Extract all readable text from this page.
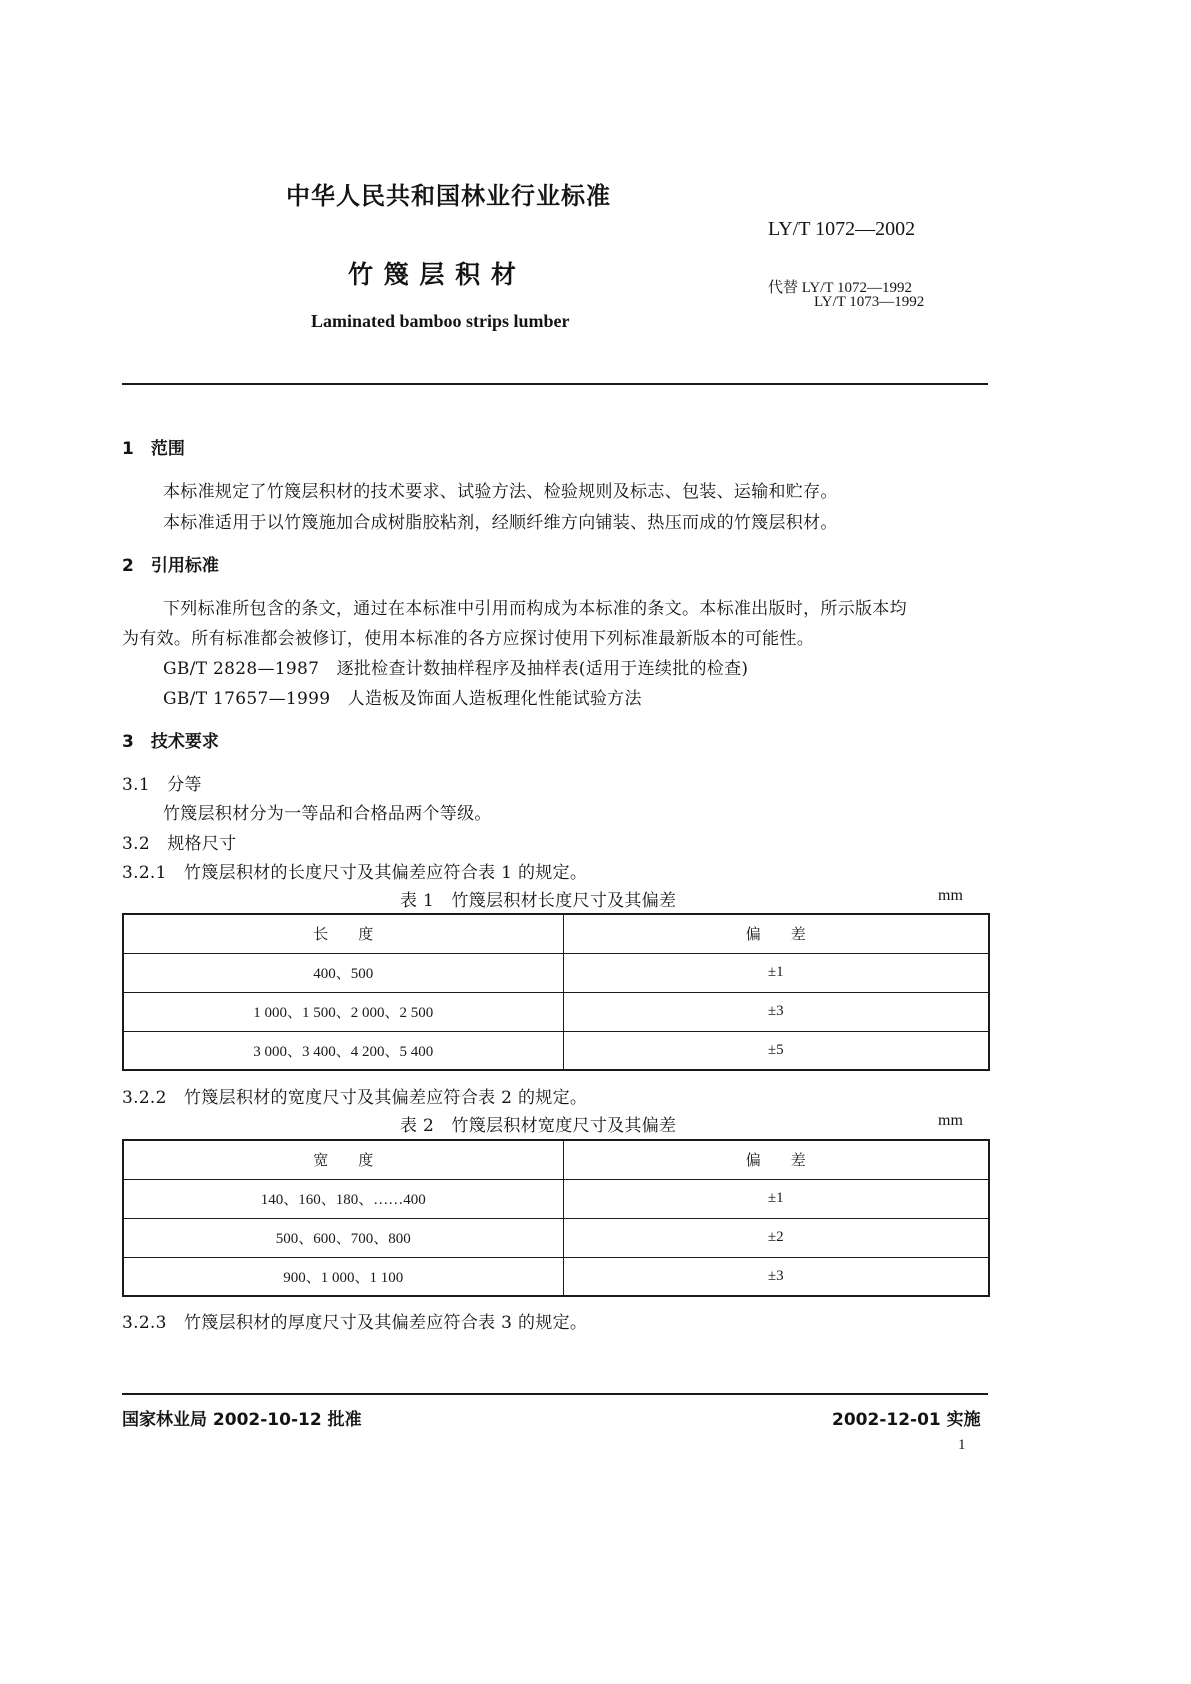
中华人民共和国林业行业标准
LY/T 1072—2002
竹 篾 层 积 材	代替 LY/T 1072—1992
LY/T 1073—1992
Laminated bamboo strips lumber
1　范围
本标准规定了竹篾层积材的技术要求、试验方法、检验规则及标志、包装、运输和贮存。
本标准适用于以竹篾施加合成树脂胶粘剂，经顺纤维方向铺装、热压而成的竹篾层积材。
2　引用标准
下列标准所包含的条文，通过在本标准中引用而构成为本标准的条文。本标准出版时，所示版本均
为有效。所有标准都会被修订，使用本标准的各方应探讨使用下列标准最新版本的可能性。
GB/T 2828—1987　逐批检查计数抽样程序及抽样表(适用于连续批的检查)
GB/T 17657—1999　人造板及饰面人造板理化性能试验方法
3　技术要求
3.1　分等
竹篾层积材分为一等品和合格品两个等级。
3.2　规格尺寸
3.2.1　竹篾层积材的长度尺寸及其偏差应符合表 1 的规定。
表 1　竹篾层积材长度尺寸及其偏差	mm
长　　度	偏　　差
400、500	±1
1 000、1 500、2 000、2 500	±3
3 000、3 400、4 200、5 400	±5
3.2.2　竹篾层积材的宽度尺寸及其偏差应符合表 2 的规定。
表 2　竹篾层积材宽度尺寸及其偏差	mm
宽　　度	偏　　差
140、160、180、……400	±1
500、600、700、800	±2
900、1 000、1 100	±3
3.2.3　竹篾层积材的厚度尺寸及其偏差应符合表 3 的规定。
国家林业局 2002-10-12 批准	2002-12-01 实施
1
